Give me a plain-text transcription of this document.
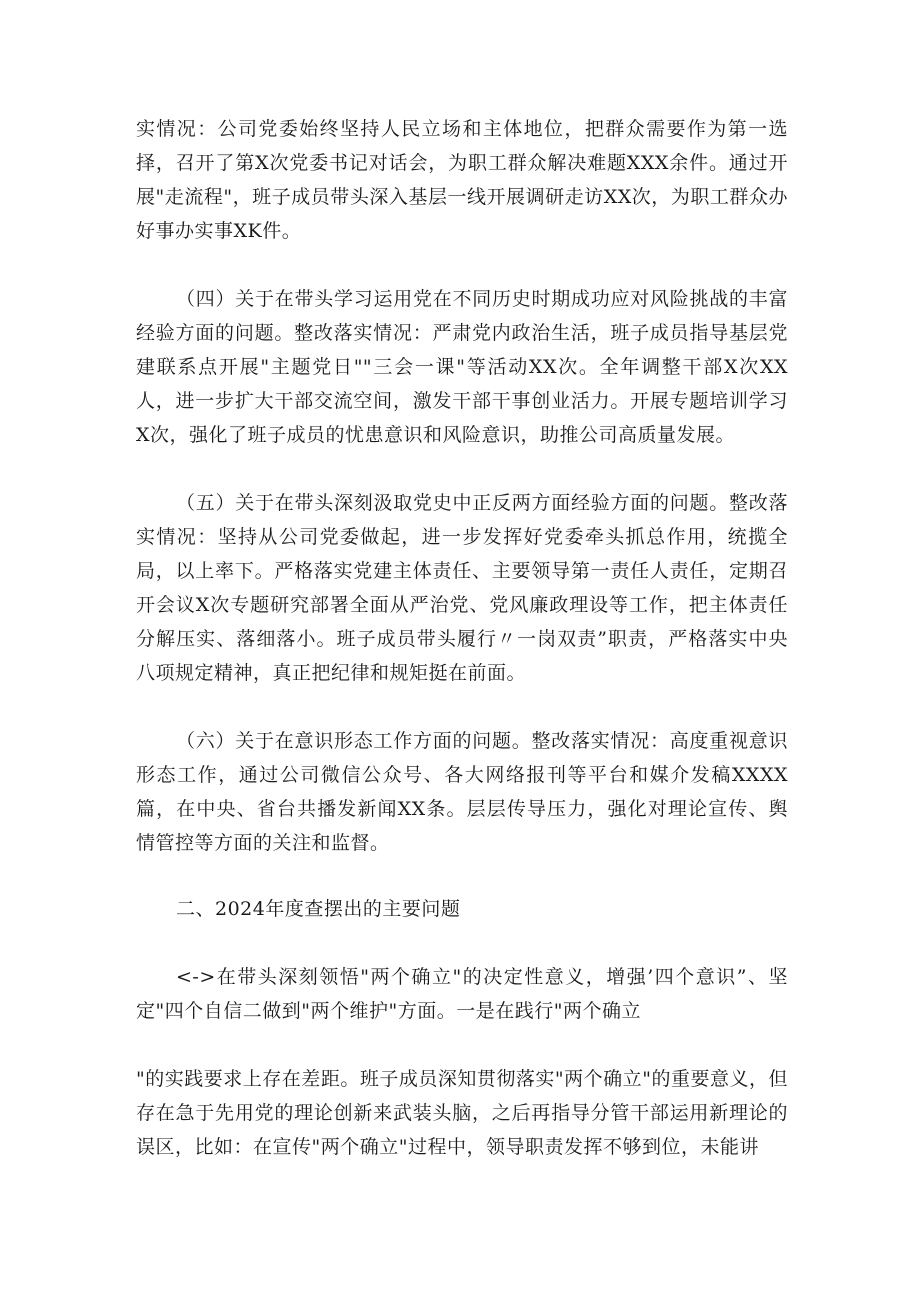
实情况：公司党委始终坚持人民立场和主体地位，把群众需要作为第一选择，召开了第X次党委书记对话会，为职工群众解决难题XXX余件。通过开展"走流程"，班子成员带头深入基层一线开展调研走访XX次，为职工群众办好事办实事XK件。

（四）关于在带头学习运用党在不同历史时期成功应对风险挑战的丰富经验方面的问题。整改落实情况：严肃党内政治生活，班子成员指导基层党建联系点开展"主题党日""三会一课"等活动XX次。全年调整干部X次XX人，进一步扩大干部交流空间，激发干部干事创业活力。开展专题培训学习X次，强化了班子成员的忧患意识和风险意识，助推公司高质量发展。

（五）关于在带头深刻汲取党史中正反两方面经验方面的问题。整改落实情况：坚持从公司党委做起，进一步发挥好党委牵头抓总作用，统揽全局，以上率下。严格落实党建主体责任、主要领导第一责任人责任，定期召开会议X次专题研究部署全面从严治党、党风廉政理设等工作，把主体责任分解压实、落细落小。班子成员带头履行〃一岗双责”职责，严格落实中央八项规定精神，真正把纪律和规矩挺在前面。

（六）关于在意识形态工作方面的问题。整改落实情况：高度重视意识形态工作，通过公司微信公众号、各大网络报刊等平台和媒介发稿XXXX篇，在中央、省台共播发新闻XX条。层层传导压力，强化对理论宣传、舆情管控等方面的关注和监督。

二、2024年度查摆出的主要问题

<->在带头深刻领悟"两个确立"的决定性意义，增强’四个意识”、坚定"四个自信二做到"两个维护"方面。一是在践行"两个确立

"的实践要求上存在差距。班子成员深知贯彻落实"两个确立"的重要意义，但存在急于先用党的理论创新来武装头脑，之后再指导分管干部运用新理论的误区，比如：在宣传"两个确立"过程中，领导职责发挥不够到位，未能讲
